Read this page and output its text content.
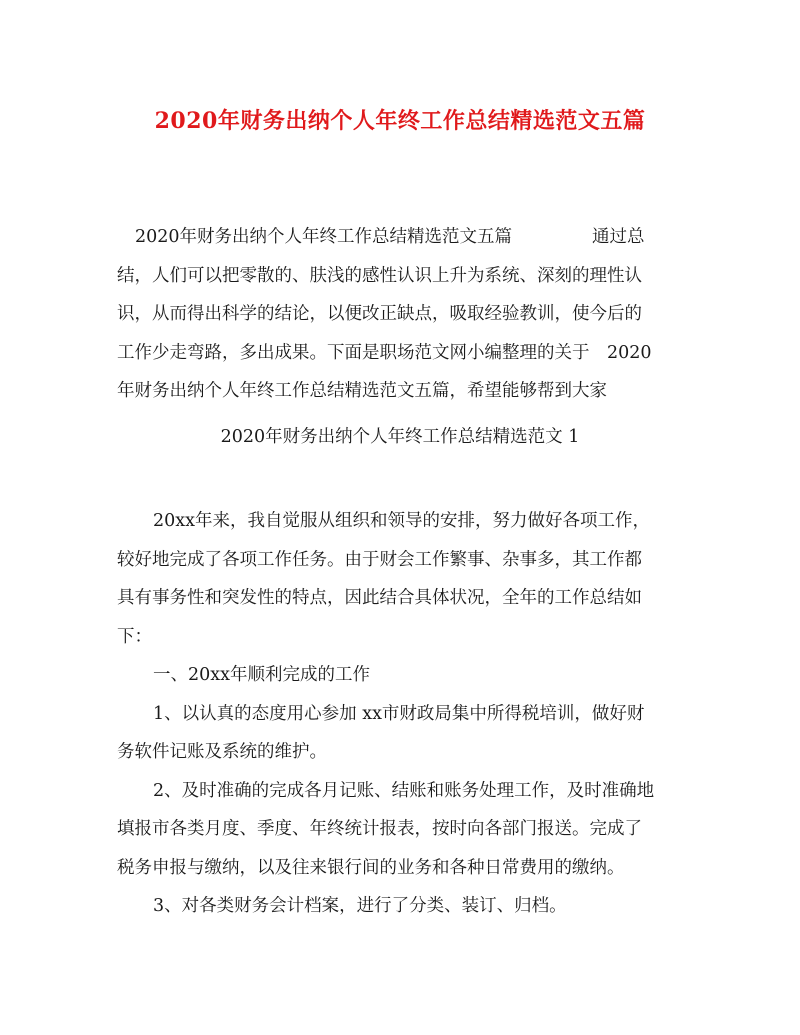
2020年财务出纳个人年终工作总结精选范文五篇
2020年财务出纳个人年终工作总结精选范文五篇	通过总
结，人们可以把零散的、肤浅的感性认识上升为系统、深刻的理性认
识，从而得出科学的结论，以便改正缺点，吸取经验教训，使今后的
工作少走弯路，多出成果。下面是职场范文网小编整理的关于　2020
年财务出纳个人年终工作总结精选范文五篇，希望能够帮到大家
2020年财务出纳个人年终工作总结精选范文 1
20xx年来，我自觉服从组织和领导的安排，努力做好各项工作，
较好地完成了各项工作任务。由于财会工作繁事、杂事多，其工作都
具有事务性和突发性的特点，因此结合具体状况，全年的工作总结如
下：
一、20xx年顺利完成的工作
1、以认真的态度用心参加 xx市财政局集中所得税培训，做好财
务软件记账及系统的维护。
2、及时准确的完成各月记账、结账和账务处理工作，及时准确地
填报市各类月度、季度、年终统计报表，按时向各部门报送。完成了
税务申报与缴纳，以及往来银行间的业务和各种日常费用的缴纳。
3、对各类财务会计档案，进行了分类、装订、归档。
